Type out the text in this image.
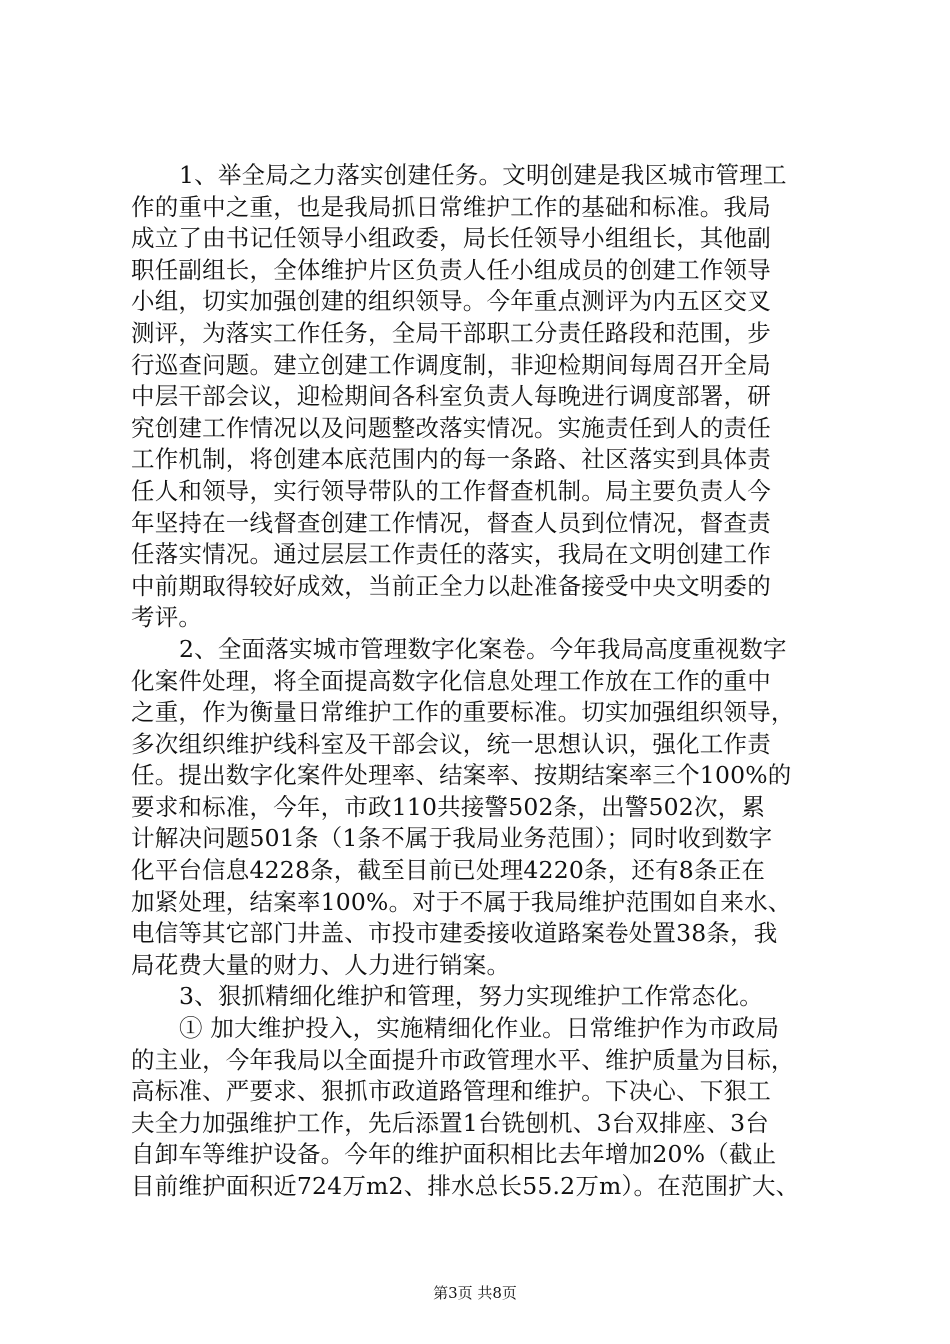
1、举全局之力落实创建任务。文明创建是我区城市管理工
作的重中之重，也是我局抓日常维护工作的基础和标准。我局
成立了由书记任领导小组政委，局长任领导小组组长，其他副
职任副组长，全体维护片区负责人任小组成员的创建工作领导
小组，切实加强创建的组织领导。今年重点测评为内五区交叉
测评，为落实工作任务，全局干部职工分责任路段和范围，步
行巡查问题。建立创建工作调度制，非迎检期间每周召开全局
中层干部会议，迎检期间各科室负责人每晚进行调度部署，研
究创建工作情况以及问题整改落实情况。实施责任到人的责任
工作机制，将创建本底范围内的每一条路、社区落实到具体责
任人和领导，实行领导带队的工作督查机制。局主要负责人今
年坚持在一线督查创建工作情况，督查人员到位情况，督查责
任落实情况。通过层层工作责任的落实，我局在文明创建工作
中前期取得较好成效，当前正全力以赴准备接受中央文明委的
考评。
2、全面落实城市管理数字化案卷。今年我局高度重视数字
化案件处理，将全面提高数字化信息处理工作放在工作的重中
之重，作为衡量日常维护工作的重要标准。切实加强组织领导，
多次组织维护线科室及干部会议，统一思想认识，强化工作责
任。提出数字化案件处理率、结案率、按期结案率三个100%的
要求和标准，今年，市政110共接警502条，出警502次，累
计解决问题501条（1条不属于我局业务范围）；同时收到数字
化平台信息4228条，截至目前已处理4220条，还有8条正在
加紧处理，结案率100%。对于不属于我局维护范围如自来水、
电信等其它部门井盖、市投市建委接收道路案卷处置38条，我
局花费大量的财力、人力进行销案。
3、狠抓精细化维护和管理，努力实现维护工作常态化。
① 加大维护投入，实施精细化作业。日常维护作为市政局
的主业，今年我局以全面提升市政管理水平、维护质量为目标，
高标准、严要求、狠抓市政道路管理和维护。下决心、下狠工
夫全力加强维护工作，先后添置1台铣刨机、3台双排座、3台
自卸车等维护设备。今年的维护面积相比去年增加20%（截止
目前维护面积近724万m2、排水总长55.2万m）。在范围扩大、
第3页 共8页
